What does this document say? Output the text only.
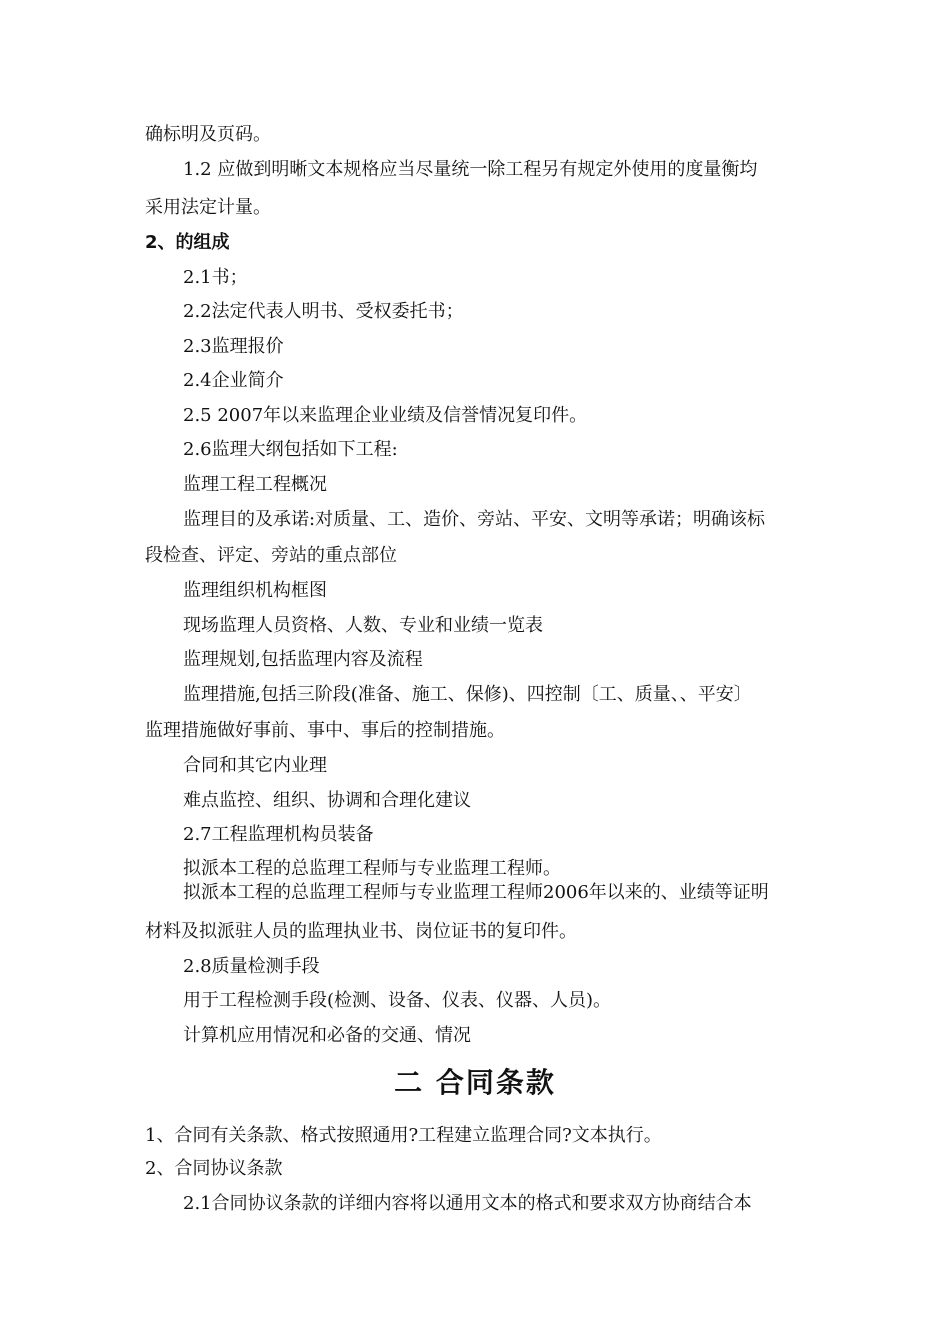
确标明及页码。
1.2 应做到明晰文本规格应当尽量统一除工程另有规定外使用的度量衡均
采用法定计量。
2、的组成
2.1书；
2.2法定代表人明书、受权委托书；
2.3监理报价
2.4企业简介
2.5 2007年以来监理企业业绩及信誉情况复印件。
2.6监理大纲包括如下工程:
监理工程工程概况
监理目的及承诺:对质量、工、造价、旁站、平安、文明等承诺；明确该标
段检查、评定、旁站的重点部位
监理组织机构框图
现场监理人员资格、人数、专业和业绩一览表
监理规划,包括监理内容及流程
监理措施,包括三阶段(准备、施工、保修)、四控制〔工、质量、、平安〕
监理措施做好事前、事中、事后的控制措施。
合同和其它内业理
难点监控、组织、协调和合理化建议
2.7工程监理机构员装备
拟派本工程的总监理工程师与专业监理工程师。
拟派本工程的总监理工程师与专业监理工程师2006年以来的、业绩等证明
材料及拟派驻人员的监理执业书、岗位证书的复印件。
2.8质量检测手段
用于工程检测手段(检测、设备、仪表、仪器、人员)。
计算机应用情况和必备的交通、情况
二 合同条款
1、合同有关条款、格式按照通用?工程建立监理合同?文本执行。
2、合同协议条款
2.1合同协议条款的详细内容将以通用文本的格式和要求双方协商结合本
